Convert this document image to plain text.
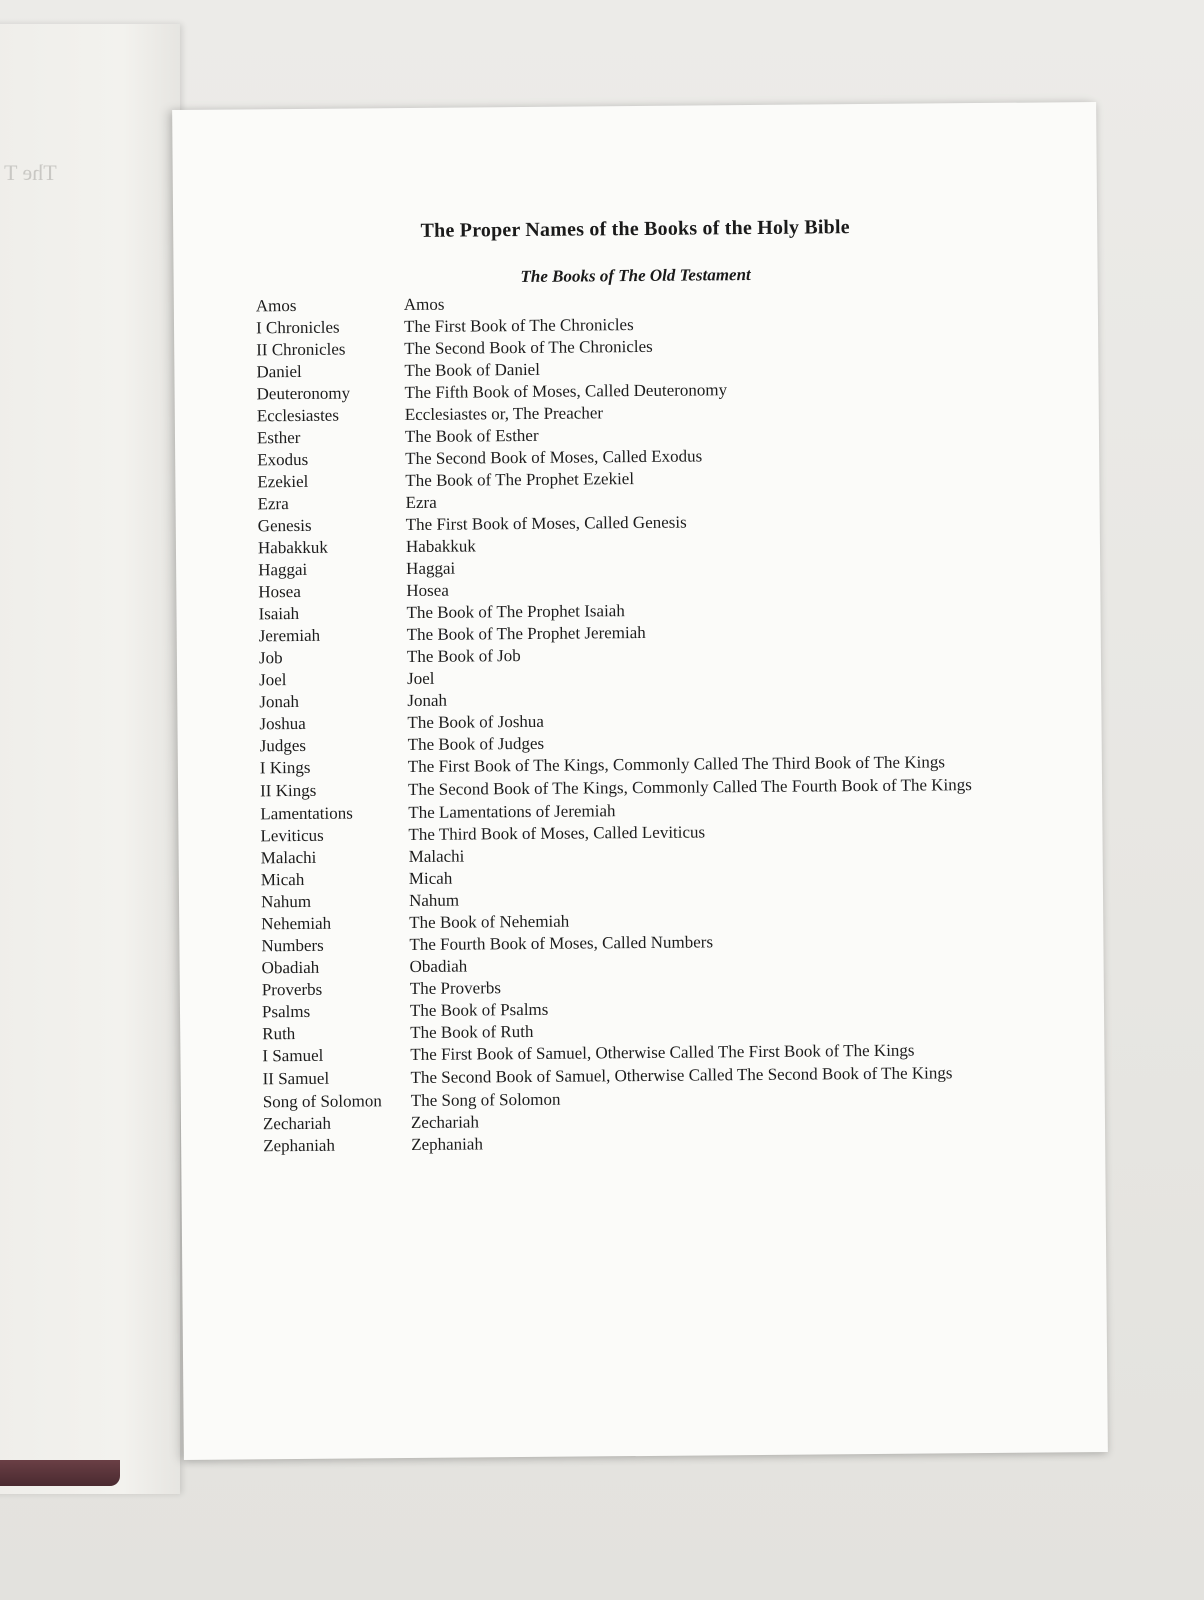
The T
The Proper Names of the Books of the Holy Bible
The Books of The Old Testament
Amos	Amos
I Chronicles	The First Book of The Chronicles
II Chronicles	The Second Book of The Chronicles
Daniel	The Book of Daniel
Deuteronomy	The Fifth Book of Moses, Called Deuteronomy
Ecclesiastes	Ecclesiastes or, The Preacher
Esther	The Book of Esther
Exodus	The Second Book of Moses, Called Exodus
Ezekiel	The Book of The Prophet Ezekiel
Ezra	Ezra
Genesis	The First Book of Moses, Called Genesis
Habakkuk	Habakkuk
Haggai	Haggai
Hosea	Hosea
Isaiah	The Book of The Prophet Isaiah
Jeremiah	The Book of The Prophet Jeremiah
Job	The Book of Job
Joel	Joel
Jonah	Jonah
Joshua	The Book of Joshua
Judges	The Book of Judges
I Kings	The First Book of The Kings, Commonly Called The Third Book of The Kings
II Kings	The Second Book of The Kings, Commonly Called The Fourth Book of The Kings
Lamentations	The Lamentations of Jeremiah
Leviticus	The Third Book of Moses, Called Leviticus
Malachi	Malachi
Micah	Micah
Nahum	Nahum
Nehemiah	The Book of Nehemiah
Numbers	The Fourth Book of Moses, Called Numbers
Obadiah	Obadiah
Proverbs	The Proverbs
Psalms	The Book of Psalms
Ruth	The Book of Ruth
I Samuel	The First Book of Samuel, Otherwise Called The First Book of The Kings
II Samuel	The Second Book of Samuel, Otherwise Called The Second Book of The Kings
Song of Solomon	The Song of Solomon
Zechariah	Zechariah
Zephaniah	Zephaniah
